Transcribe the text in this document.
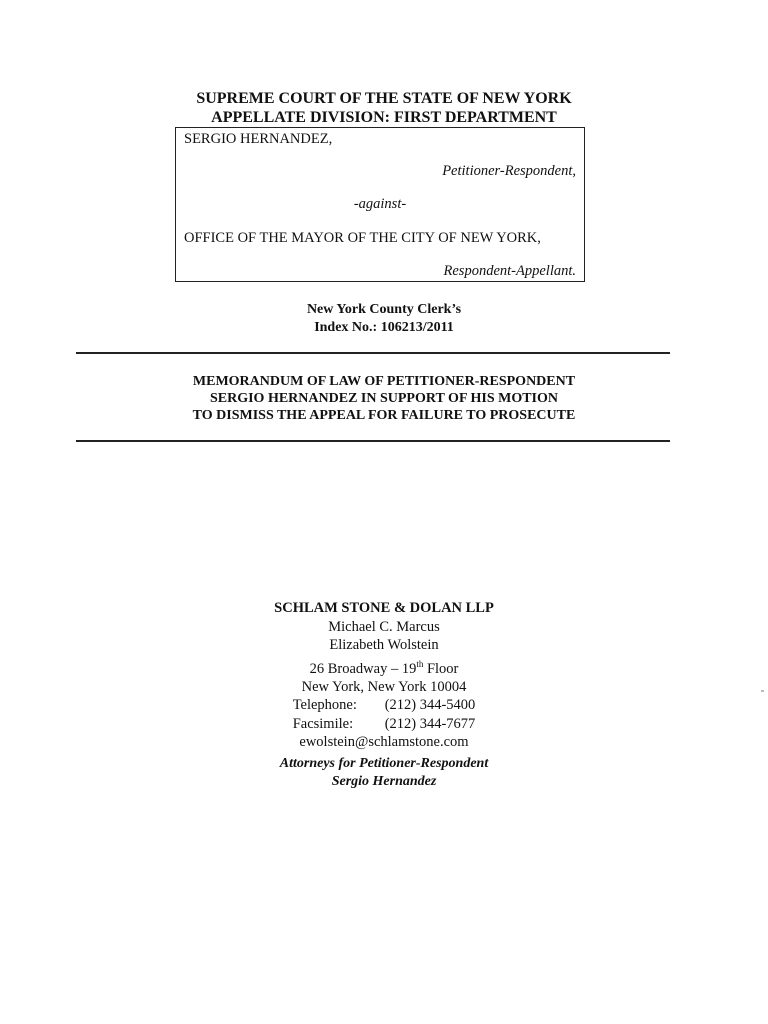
SUPREME COURT OF THE STATE OF NEW YORK
APPELLATE DIVISION: FIRST DEPARTMENT
SERGIO HERNANDEZ,
Petitioner-Respondent,
-against-
OFFICE OF THE MAYOR OF THE CITY OF NEW YORK,
Respondent-Appellant.
New York County Clerk’s
Index No.: 106213/2011
MEMORANDUM OF LAW OF PETITIONER-RESPONDENT
SERGIO HERNANDEZ IN SUPPORT OF HIS MOTION
TO DISMISS THE APPEAL FOR FAILURE TO PROSECUTE
SCHLAM STONE & DOLAN LLP
Michael C. Marcus
Elizabeth Wolstein
26 Broadway – 19th Floor
New York, New York 10004
Telephone: (212) 344-5400
Facsimile: (212) 344-7677
ewolstein@schlamstone.com
Attorneys for Petitioner-Respondent
Sergio Hernandez
